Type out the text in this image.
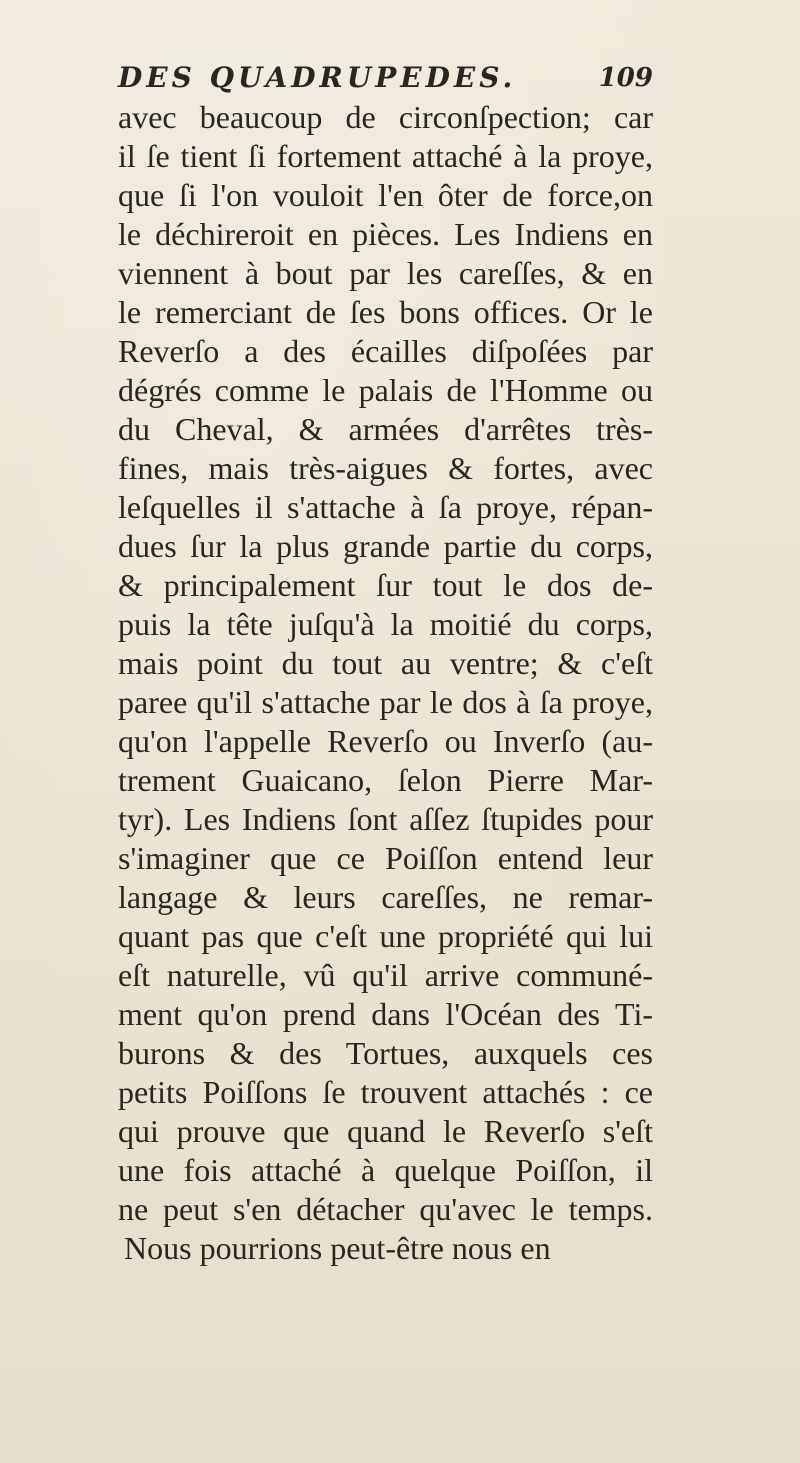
DES QUADRUPEDES.	109
avec beaucoup de circonſpection; car
il ſe tient ſi fortement attaché à la proye,
que ſi l'on vouloit l'en ôter de force,on
le déchireroit en pièces. Les Indiens en
viennent à bout par les careſſes, & en
le remerciant de ſes bons offices. Or le
Reverſo a des écailles diſpoſées par
dégrés comme le palais de l'Homme ou
du Cheval, & armées d'arrêtes très-
fines, mais très-aigues & fortes, avec
leſquelles il s'attache à ſa proye, répan-
dues ſur la plus grande partie du corps,
& principalement ſur tout le dos de-
puis la tête juſqu'à la moitié du corps,
mais point du tout au ventre; & c'eſt
paree qu'il s'attache par le dos à ſa proye,
qu'on l'appelle Reverſo ou Inverſo (au-
trement Guaicano, ſelon Pierre Mar-
tyr). Les Indiens ſont aſſez ſtupides pour
s'imaginer que ce Poiſſon entend leur
langage & leurs careſſes, ne remar-
quant pas que c'eſt une propriété qui lui
eſt naturelle, vû qu'il arrive communé-
ment qu'on prend dans l'Océan des Ti-
burons & des Tortues, auxquels ces
petits Poiſſons ſe trouvent attachés : ce
qui prouve que quand le Reverſo s'eſt
une fois attaché à quelque Poiſſon, il
ne peut s'en détacher qu'avec le temps.
Nous pourrions peut-être nous en
